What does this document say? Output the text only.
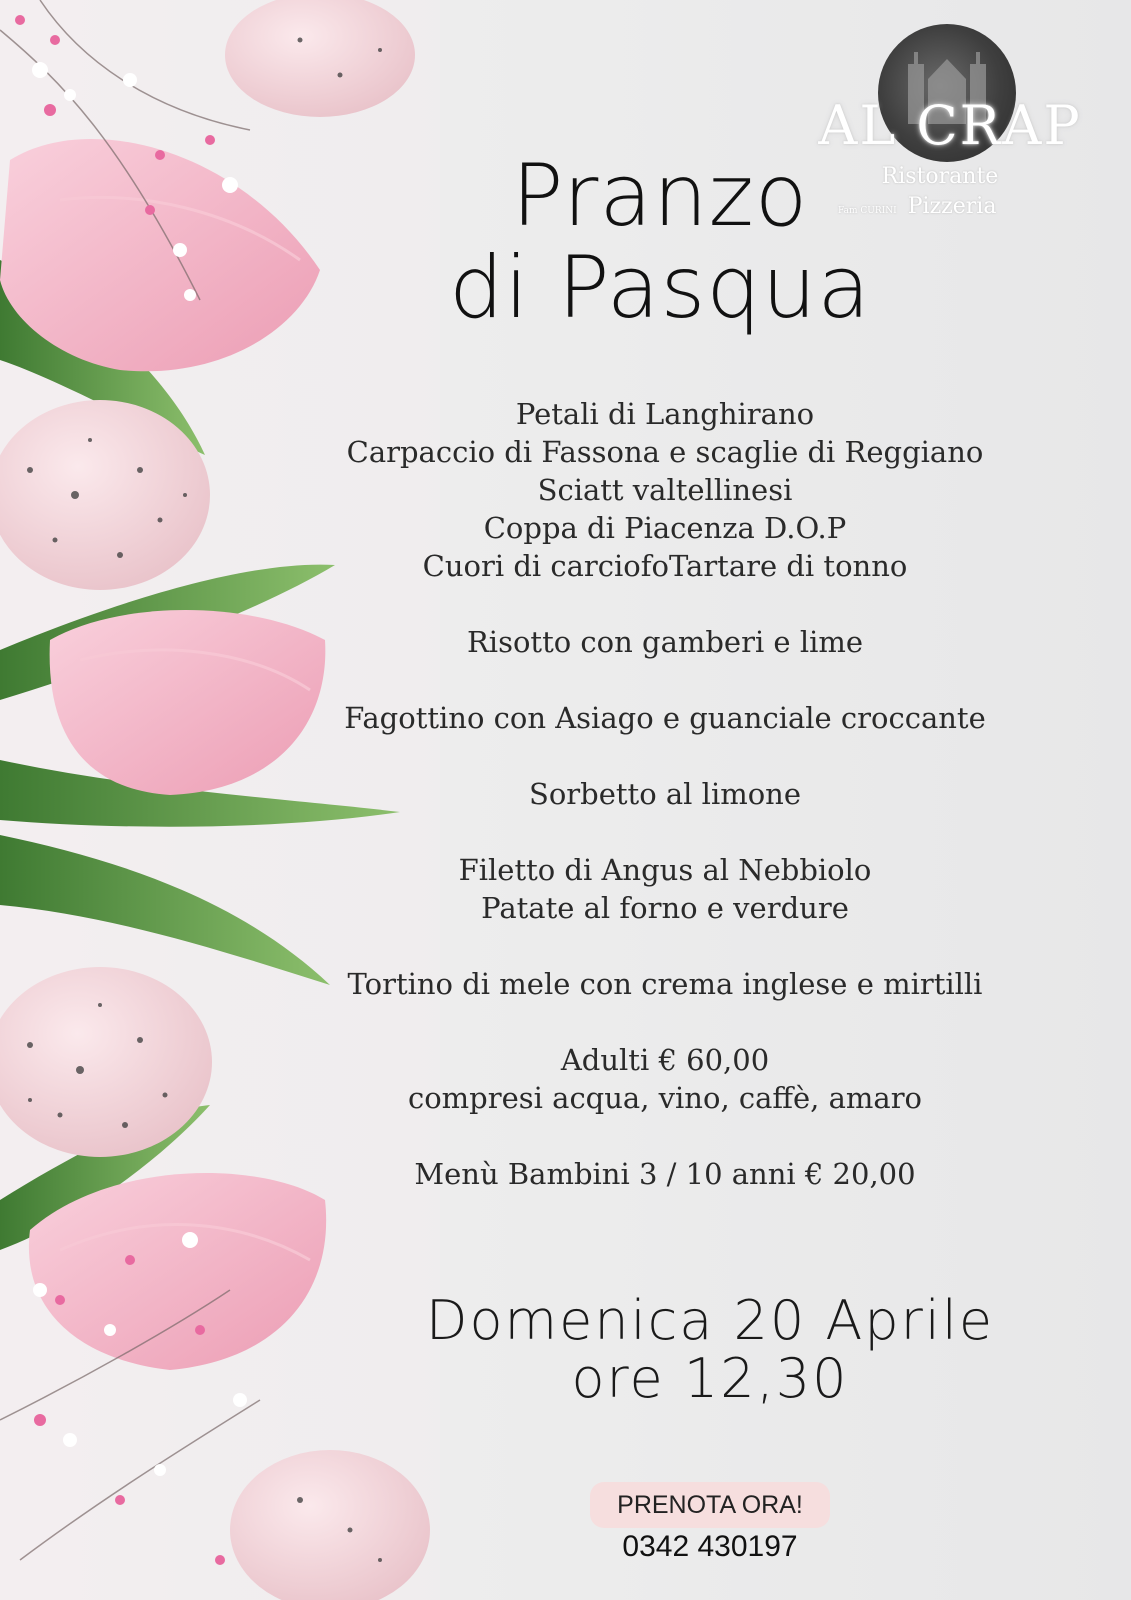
AL CRAP
Ristorante
Fam CURINI Pizzeria
Pranzo
di Pasqua
Petali di Langhirano
Carpaccio di Fassona e scaglie di Reggiano
Sciatt valtellinesi
Coppa di Piacenza D.O.P
Cuori di carciofoTartare di tonno
Risotto con gamberi e lime
Fagottino con Asiago e guanciale croccante
Sorbetto al limone
Filetto di Angus al Nebbiolo
Patate al forno e verdure
Tortino di mele con crema inglese e mirtilli
Adulti € 60,00
compresi acqua, vino, caffè, amaro
Menù Bambini 3 / 10 anni € 20,00
Domenica 20 Aprile
ore 12,30
PRENOTA ORA!
0342 430197
